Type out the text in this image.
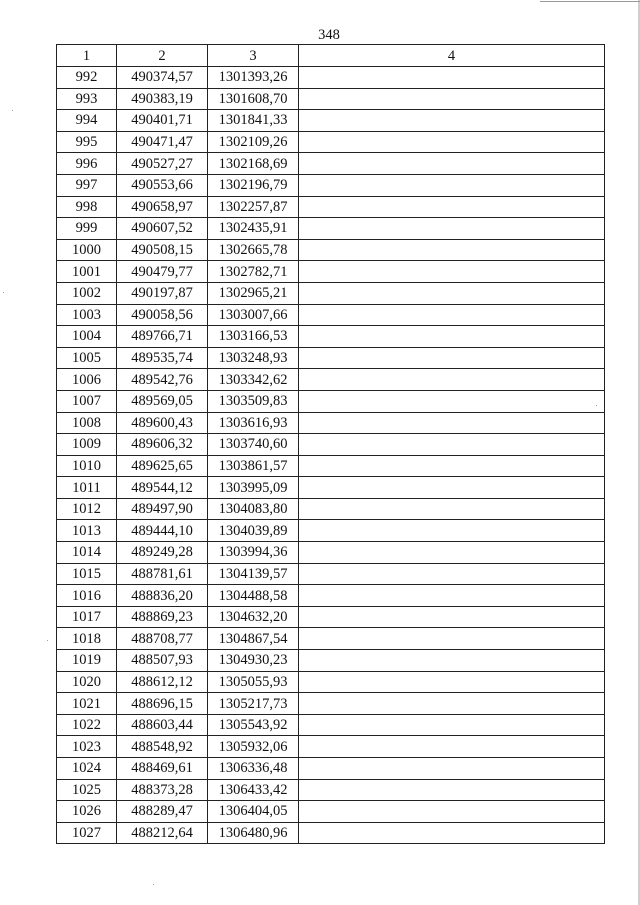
348
1	2	3	4
992	490374,57	1301393,26	
993	490383,19	1301608,70	
994	490401,71	1301841,33	
995	490471,47	1302109,26	
996	490527,27	1302168,69	
997	490553,66	1302196,79	
998	490658,97	1302257,87	
999	490607,52	1302435,91	
1000	490508,15	1302665,78	
1001	490479,77	1302782,71	
1002	490197,87	1302965,21	
1003	490058,56	1303007,66	
1004	489766,71	1303166,53	
1005	489535,74	1303248,93	
1006	489542,76	1303342,62	
1007	489569,05	1303509,83	
1008	489600,43	1303616,93	
1009	489606,32	1303740,60	
1010	489625,65	1303861,57	
1011	489544,12	1303995,09	
1012	489497,90	1304083,80	
1013	489444,10	1304039,89	
1014	489249,28	1303994,36	
1015	488781,61	1304139,57	
1016	488836,20	1304488,58	
1017	488869,23	1304632,20	
1018	488708,77	1304867,54	
1019	488507,93	1304930,23	
1020	488612,12	1305055,93	
1021	488696,15	1305217,73	
1022	488603,44	1305543,92	
1023	488548,92	1305932,06	
1024	488469,61	1306336,48	
1025	488373,28	1306433,42	
1026	488289,47	1306404,05	
1027	488212,64	1306480,96	
